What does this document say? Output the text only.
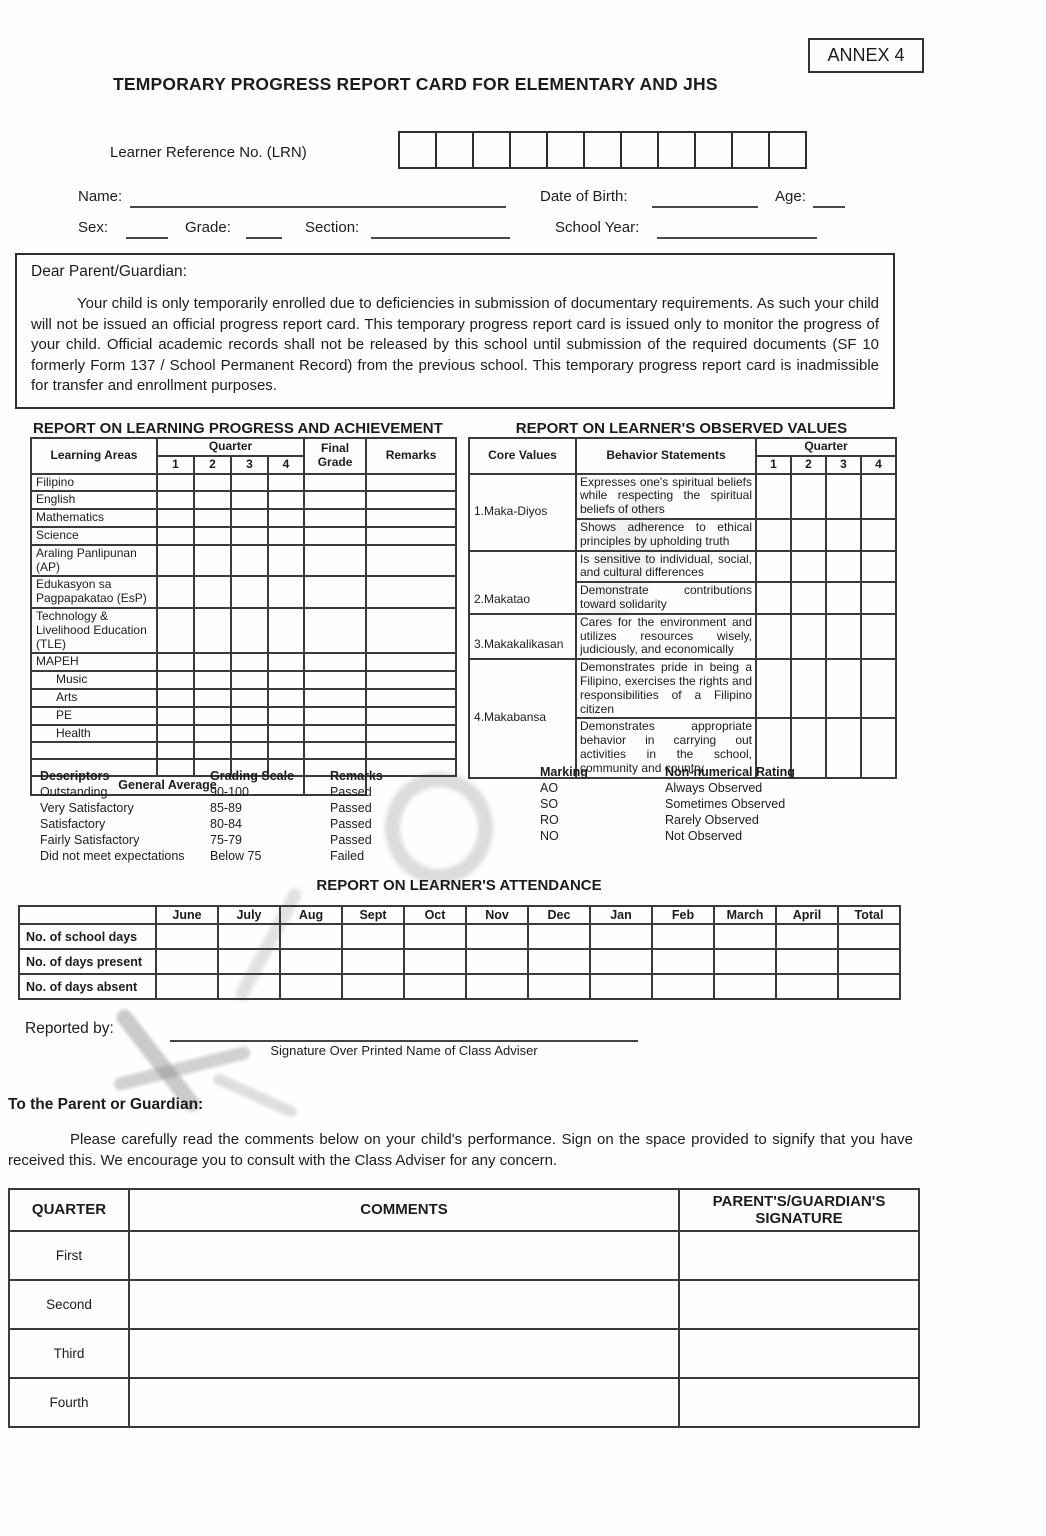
ANNEX 4
TEMPORARY PROGRESS REPORT CARD FOR ELEMENTARY AND JHS
Learner Reference No. (LRN)
Name:	Date of Birth:	Age:
Sex:	Grade:	Section:	School Year:
Dear Parent/Guardian:

Your child is only temporarily enrolled due to deficiencies in submission of documentary requirements. As such your child will not be issued an official progress report card. This temporary progress report card is issued only to monitor the progress of your child. Official academic records shall not be released by this school until submission of the required documents (SF 10 formerly Form 137 / School Permanent Record) from the previous school. This temporary progress report card is inadmissible for transfer and enrollment purposes.

REPORT ON LEARNING PROGRESS AND ACHIEVEMENT	REPORT ON LEARNER'S OBSERVED VALUES
Learning Areas	Quarter				Final Grade	Remarks
	1	2	3	4		
Filipino						
English						
Mathematics						
Science						
Araling Panlipunan (AP)						
Edukasyon sa Pagpapakatao (EsP)						
Technology & Livelihood Education (TLE)						
MAPEH						
Music						
Arts						
PE						
Health						

General Average						
Core Values	Behavior Statements	Quarter			
		1	2	3	4
1.Maka-Diyos	Expresses one's spiritual beliefs while respecting the spiritual beliefs of others				
	Shows adherence to ethical principles by upholding truth				
2.Makatao	Is sensitive to individual, social, and cultural differences				
	Demonstrate contributions toward solidarity				
3.Makakalikasan	Cares for the environment and utilizes resources wisely, judiciously, and economically				
4.Makabansa	Demonstrates pride in being a Filipino, exercises the rights and responsibilities of a Filipino citizen				
	Demonstrates appropriate behavior in carrying out activities in the school, community and country				
Descriptors	Grading Scale	Remarks
Outstanding	90-100	Passed
Very Satisfactory	85-89	Passed
Satisfactory	80-84	Passed
Fairly Satisfactory	75-79	Passed
Did not meet expectations	Below 75	Failed
Marking	Non-numerical Rating
AO	Always Observed
SO	Sometimes Observed
RO	Rarely Observed
NO	Not Observed
REPORT ON LEARNER'S ATTENDANCE
	June	July	Aug	Sept	Oct	Nov	Dec	Jan	Feb	March	April	Total
No. of school days												
No. of days present												
No. of days absent												
Reported by:
Signature Over Printed Name of Class Adviser
To the Parent or Guardian:
Please carefully read the comments below on your child's performance. Sign on the space provided to signify that you have received this. We encourage you to consult with the Class Adviser for any concern.
QUARTER	COMMENTS	PARENT'S/GUARDIAN'S SIGNATURE
First		
Second		
Third		
Fourth		
